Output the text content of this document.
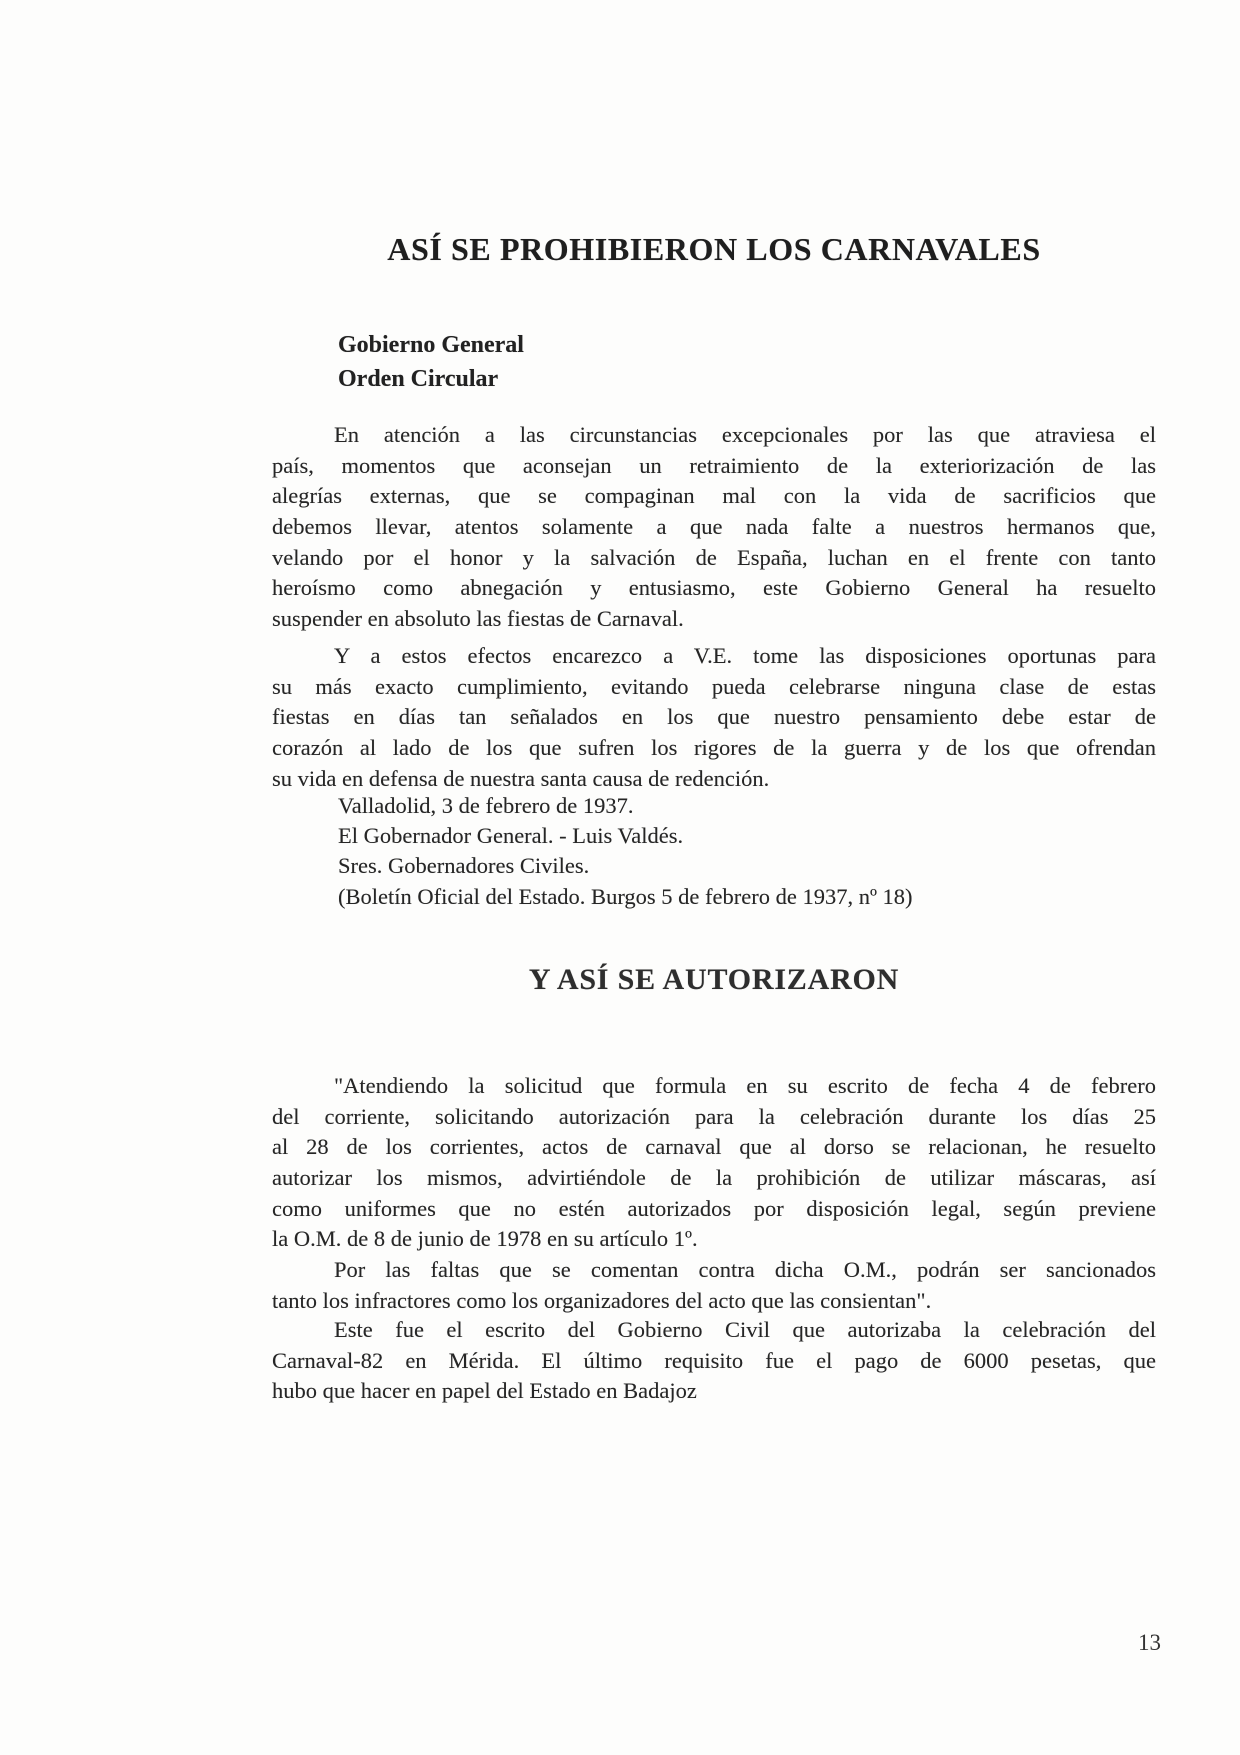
ASÍ SE PROHIBIERON LOS CARNAVALES
Gobierno General
Orden Circular
En atención a las circunstancias excepcionales por las que atraviesa el
país, momentos que aconsejan un retraimiento de la exteriorización de las
alegrías externas, que se compaginan mal con la vida de sacrificios que
debemos llevar, atentos solamente a que nada falte a nuestros hermanos que,
velando por el honor y la salvación de España, luchan en el frente con tanto
heroísmo como abnegación y entusiasmo, este Gobierno General ha resuelto
suspender en absoluto las fiestas de Carnaval.
Y a estos efectos encarezco a V.E. tome las disposiciones oportunas para
su más exacto cumplimiento, evitando pueda celebrarse ninguna clase de estas
fiestas en días tan señalados en los que nuestro pensamiento debe estar de
corazón al lado de los que sufren los rigores de la guerra y de los que ofrendan
su vida en defensa de nuestra santa causa de redención.
Valladolid, 3 de febrero de 1937.
El Gobernador General. - Luis Valdés.
Sres. Gobernadores Civiles.
(Boletín Oficial del Estado. Burgos 5 de febrero de 1937, nº 18)
Y ASÍ SE AUTORIZARON
"Atendiendo la solicitud que formula en su escrito de fecha 4 de febrero
del corriente, solicitando autorización para la celebración durante los días 25
al 28 de los corrientes, actos de carnaval que al dorso se relacionan, he resuelto
autorizar los mismos, advirtiéndole de la prohibición de utilizar máscaras, así
como uniformes que no estén autorizados por disposición legal, según previene
la O.M. de 8 de junio de 1978 en su artículo 1º.
Por las faltas que se comentan contra dicha O.M., podrán ser sancionados
tanto los infractores como los organizadores del acto que las consientan".
Este fue el escrito del Gobierno Civil que autorizaba la celebración del
Carnaval-82 en Mérida. El último requisito fue el pago de 6000 pesetas, que
hubo que hacer en papel del Estado en Badajoz
13
